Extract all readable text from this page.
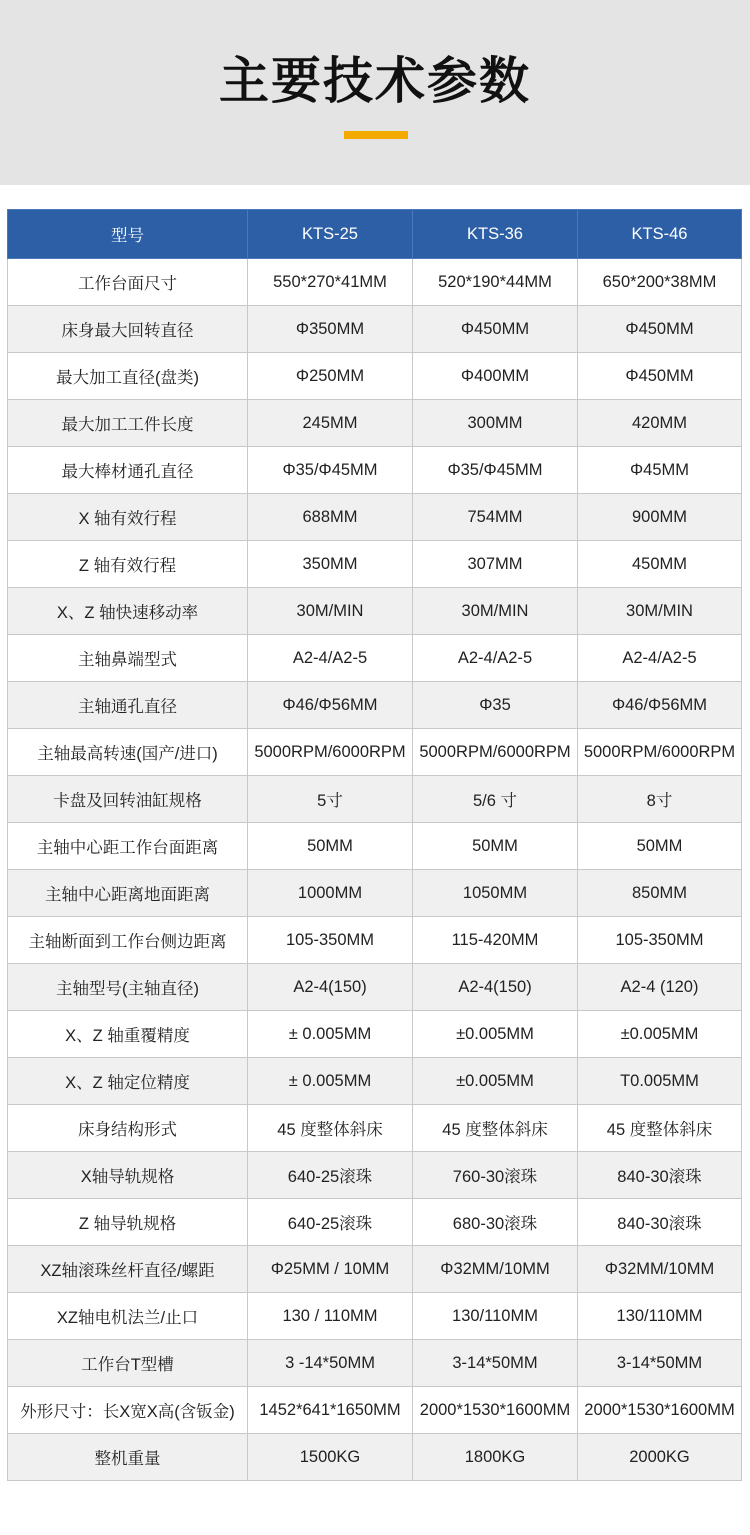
主要技术参数
型号	KTS-25	KTS-36	KTS-46
工作台面尺寸	550*270*41MM	520*190*44MM	650*200*38MM
床身最大回转直径	Φ350MM	Φ450MM	Φ450MM
最大加工直径(盘类)	Φ250MM	Φ400MM	Φ450MM
最大加工工件长度	245MM	300MM	420MM
最大棒材通孔直径	Φ35/Φ45MM	Φ35/Φ45MM	Φ45MM
X 轴有效行程	688MM	754MM	900MM
Z 轴有效行程	350MM	307MM	450MM
X、Z 轴快速移动率	30M/MIN	30M/MIN	30M/MIN
主轴鼻端型式	A2-4/A2-5	A2-4/A2-5	A2-4/A2-5
主轴通孔直径	Φ46/Φ56MM	Φ35	Φ46/Φ56MM
主轴最高转速(国产/进口)	5000RPM/6000RPM	5000RPM/6000RPM	5000RPM/6000RPM
卡盘及回转油缸规格	5寸	5/6 寸	8寸
主轴中心距工作台面距离	50MM	50MM	50MM
主轴中心距离地面距离	1000MM	1050MM	850MM
主轴断面到工作台侧边距离	105-350MM	115-420MM	105-350MM
主轴型号(主轴直径)	A2-4(150)	A2-4(150)	A2-4 (120)
X、Z 轴重覆精度	± 0.005MM	±0.005MM	±0.005MM
X、Z 轴定位精度	± 0.005MM	±0.005MM	T0.005MM
床身结构形式	45 度整体斜床	45 度整体斜床	45 度整体斜床
X轴导轨规格	640-25滚珠	760-30滚珠	840-30滚珠
Z 轴导轨规格	640-25滚珠	680-30滚珠	840-30滚珠
XZ轴滚珠丝杆直径/螺距	Φ25MM / 10MM	Φ32MM/10MM	Φ32MM/10MM
XZ轴电机法兰/止口	130 / 110MM	130/110MM	130/110MM
工作台T型槽	3 -14*50MM	3-14*50MM	3-14*50MM
外形尺寸：长X宽X高(含钣金)	1452*641*1650MM	2000*1530*1600MM	2000*1530*1600MM
整机重量	1500KG	1800KG	2000KG
